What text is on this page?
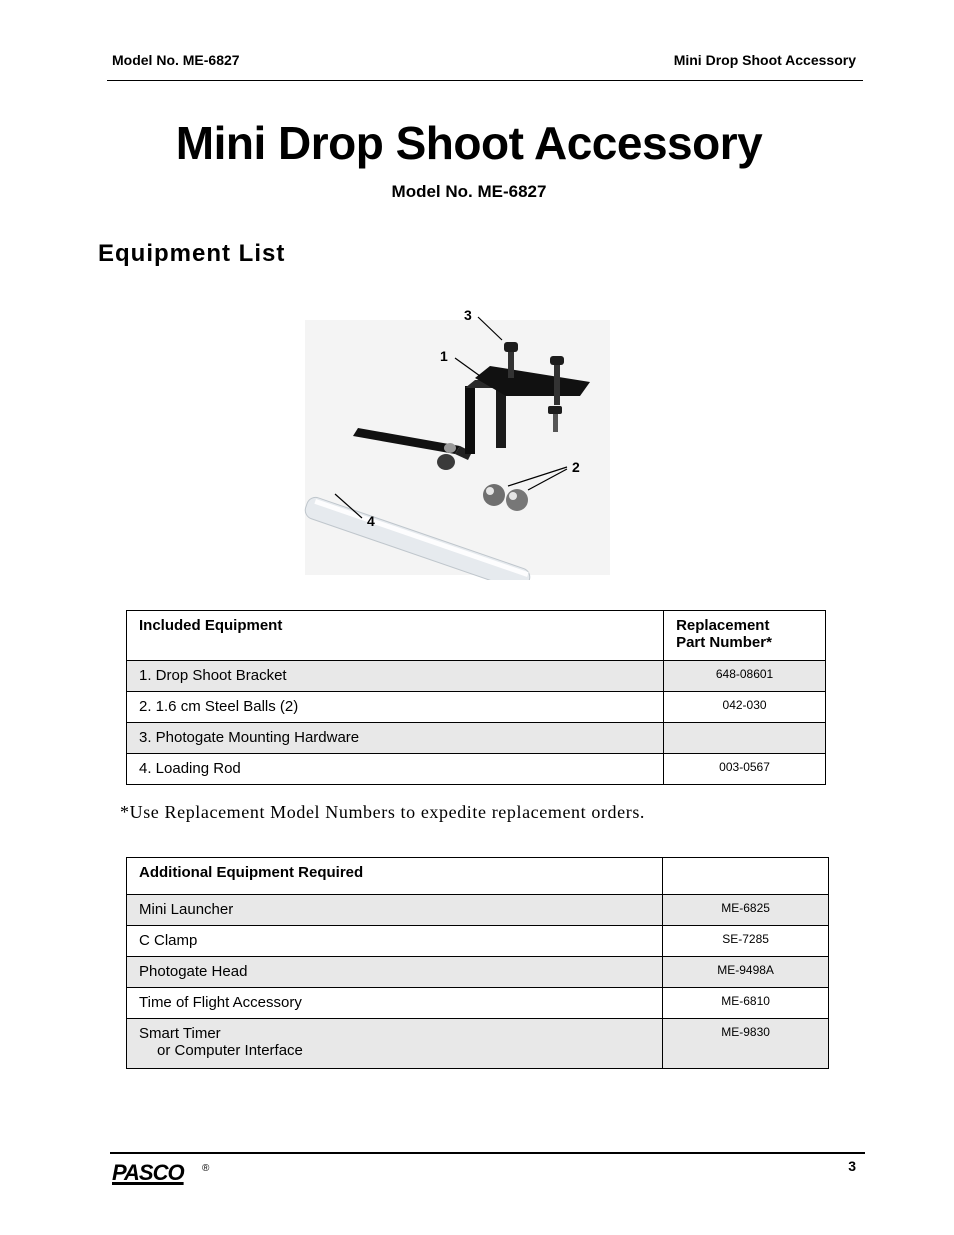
Model No. ME-6827	Mini Drop Shoot Accessory
Mini Drop Shoot Accessory
Model No. ME-6827
Equipment List
3
1
2
4
Included Equipment	Replacement
Part Number*
1. Drop Shoot Bracket	648-08601
2. 1.6 cm Steel Balls (2)	042-030
3. Photogate Mounting Hardware	
4. Loading Rod	003-0567
*Use Replacement Model Numbers to expedite replacement orders.
Additional Equipment Required	
Mini Launcher	ME-6825
C Clamp	SE-7285
Photogate Head	ME-9498A
Time of Flight Accessory	ME-6810
Smart Timer
or Computer Interface	ME-9830
PASCO ®	3
